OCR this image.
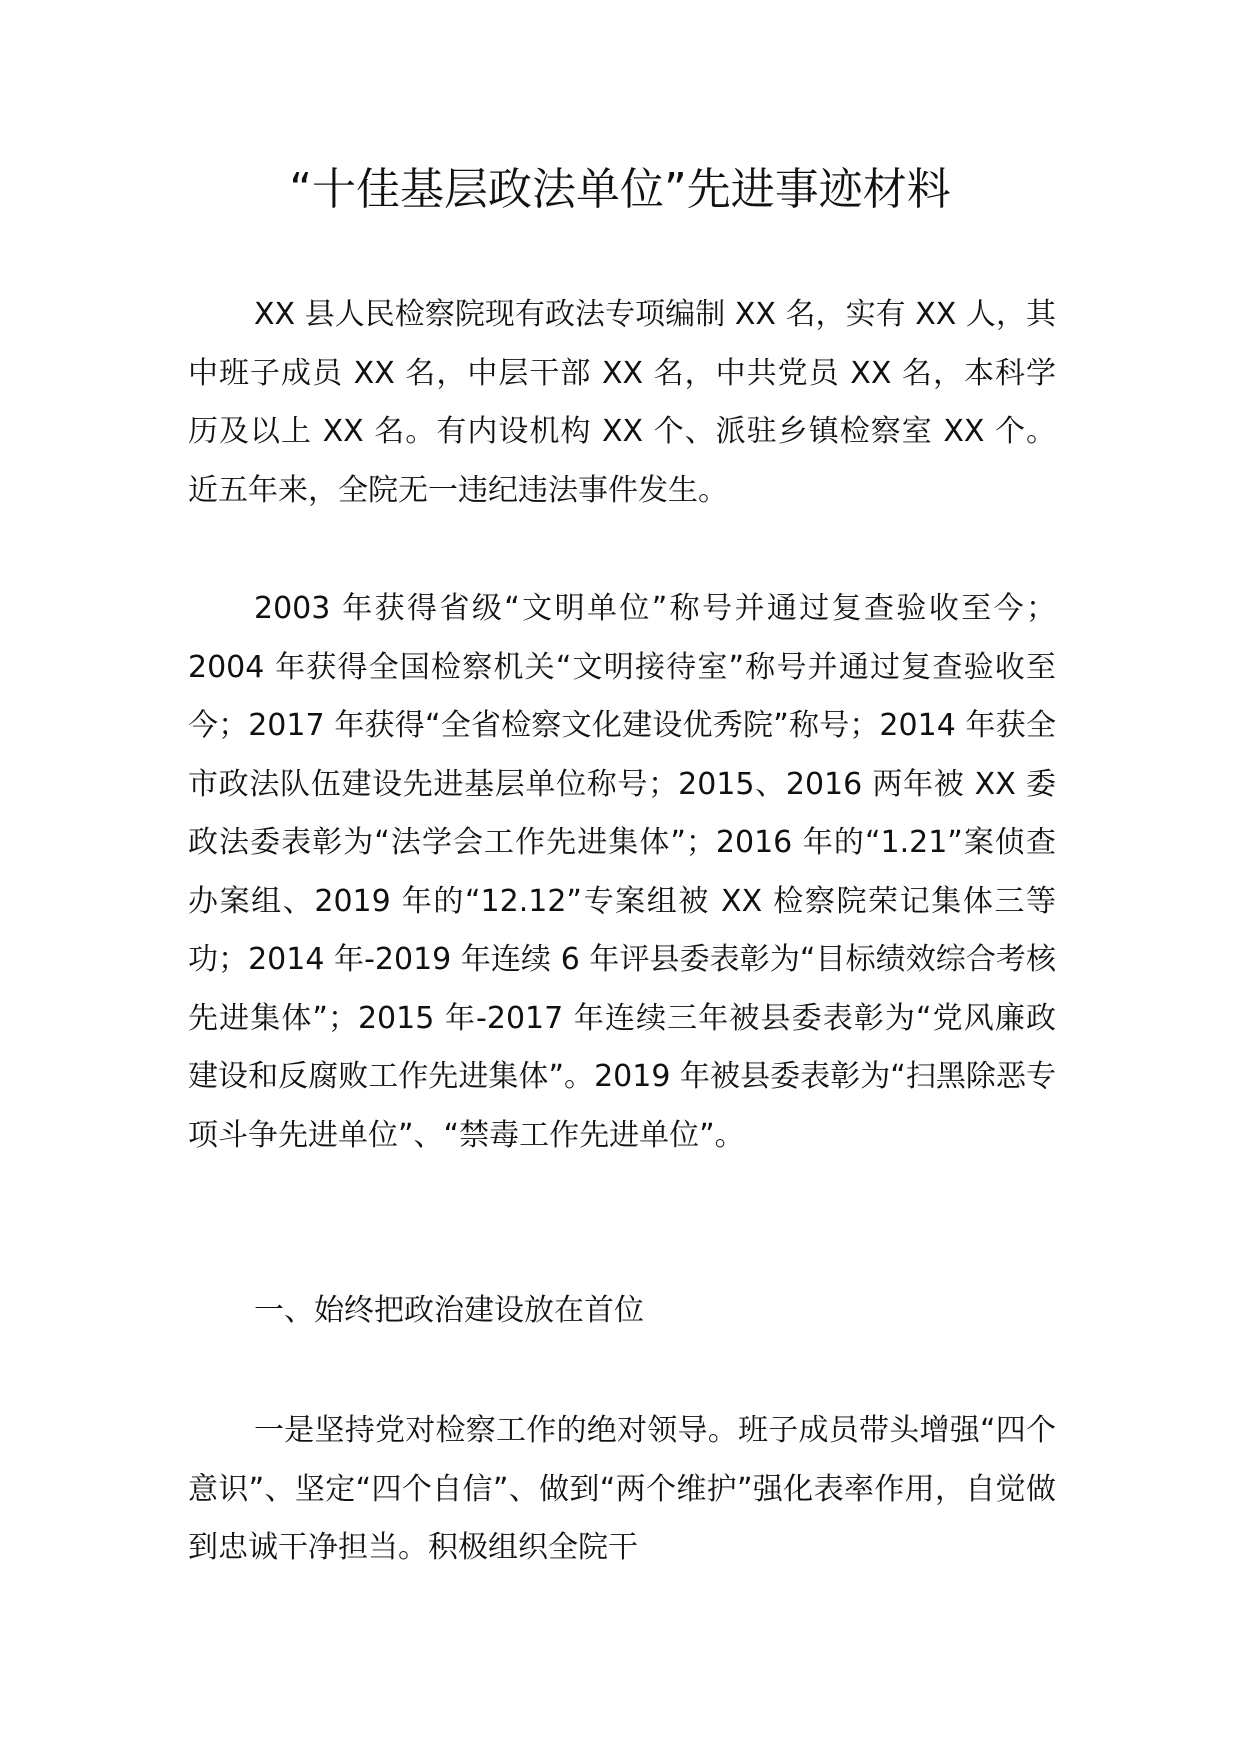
“十佳基层政法单位”先进事迹材料

XX 县人民检察院现有政法专项编制 XX 名，实有 XX 人，其中班子成员 XX 名，中层干部 XX 名，中共党员 XX 名，本科学历及以上 XX 名。有内设机构 XX 个、派驻乡镇检察室 XX 个。近五年来，全院无一违纪违法事件发生。

2003 年获得省级“文明单位”称号并通过复查验收至今；2004 年获得全国检察机关“文明接待室”称号并通过复查验收至今；2017 年获得“全省检察文化建设优秀院”称号；2014 年获全市政法队伍建设先进基层单位称号；2015、2016 两年被 XX 委政法委表彰为“法学会工作先进集体”；2016 年的“1.21”案侦查办案组、2019 年的“12.12”专案组被 XX 检察院荣记集体三等功；2014 年-2019 年连续 6 年评县委表彰为“目标绩效综合考核先进集体”；2015 年-2017 年连续三年被县委表彰为“党风廉政建设和反腐败工作先进集体”。2019 年被县委表彰为“扫黑除恶专项斗争先进单位”、“禁毒工作先进单位”。

一、始终把政治建设放在首位

一是坚持党对检察工作的绝对领导。班子成员带头增强“四个意识”、坚定“四个自信”、做到“两个维护”强化表率作用，自觉做到忠诚干净担当。积极组织全院干
